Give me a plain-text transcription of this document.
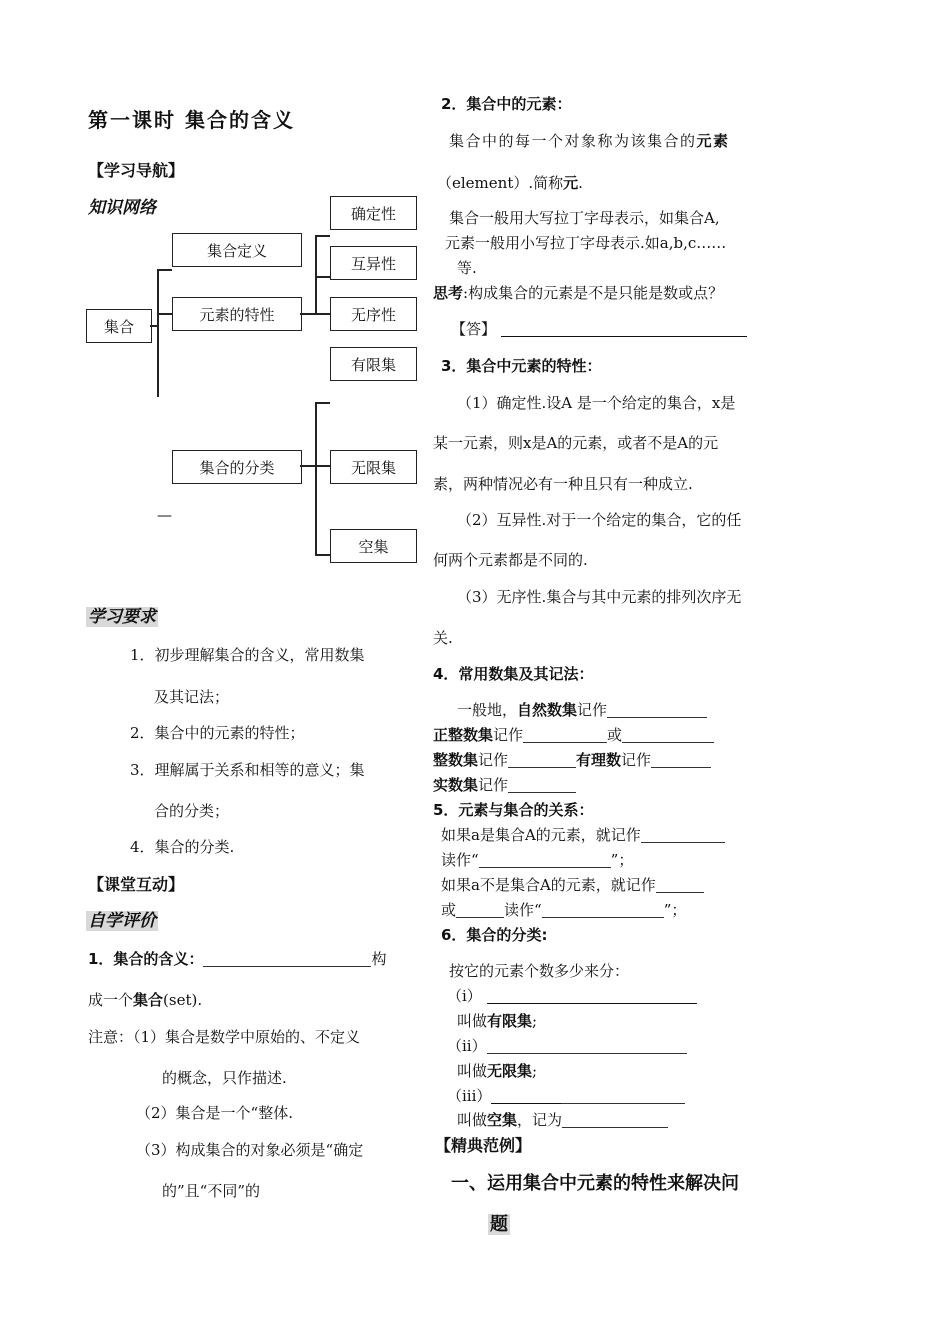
第一课时 集合的含义
【学习导航】
知识网络
集合
集合定义
元素的特性
集合的分类
确定性
互异性
无序性
有限集
无限集
空集
—
学习要求
1．初步理解集合的含义，常用数集
及其记法；
2．集合中的元素的特性；
3．理解属于关系和相等的意义；集
合的分类；
4．集合的分类.
【课堂互动】
自学评价
1．集合的含义：	构
成一个集合(set).
注意：（1）集合是数学中原始的、不定义
的概念，只作描述.
（2）集合是一个“整体.
（3）构成集合的对象必须是“确定
的”且“不同”的
2．集合中的元素：
集合中的每一个对象称为该集合的元素
（element）.简称元.
集合一般用大写拉丁字母表示，如集合A,
元素一般用小写拉丁字母表示.如a,b,c……
等.
思考:构成集合的元素是不是只能是数或点？
【答】
3．集合中元素的特性：
（1）确定性.设A 是一个给定的集合，x是
某一元素，则x是A的元素，或者不是A的元
素，两种情况必有一种且只有一种成立.
（2）互异性.对于一个给定的集合，它的任
何两个元素都是不同的.
（3）无序性.集合与其中元素的排列次序无
关.
4．常用数集及其记法：
一般地，自然数集记作
正整数集记作	或
整数集记作	有理数记作
实数集记作
5．元素与集合的关系：
如果a是集合A的元素，就记作
读作“	”；
如果a不是集合A的元素，就记作
或	读作“	”；
6．集合的分类:
按它的元素个数多少来分：
（i）
叫做有限集;
（ii）
叫做无限集;
（iii）
叫做空集，记为
【精典范例】
一、运用集合中元素的特性来解决问
题
